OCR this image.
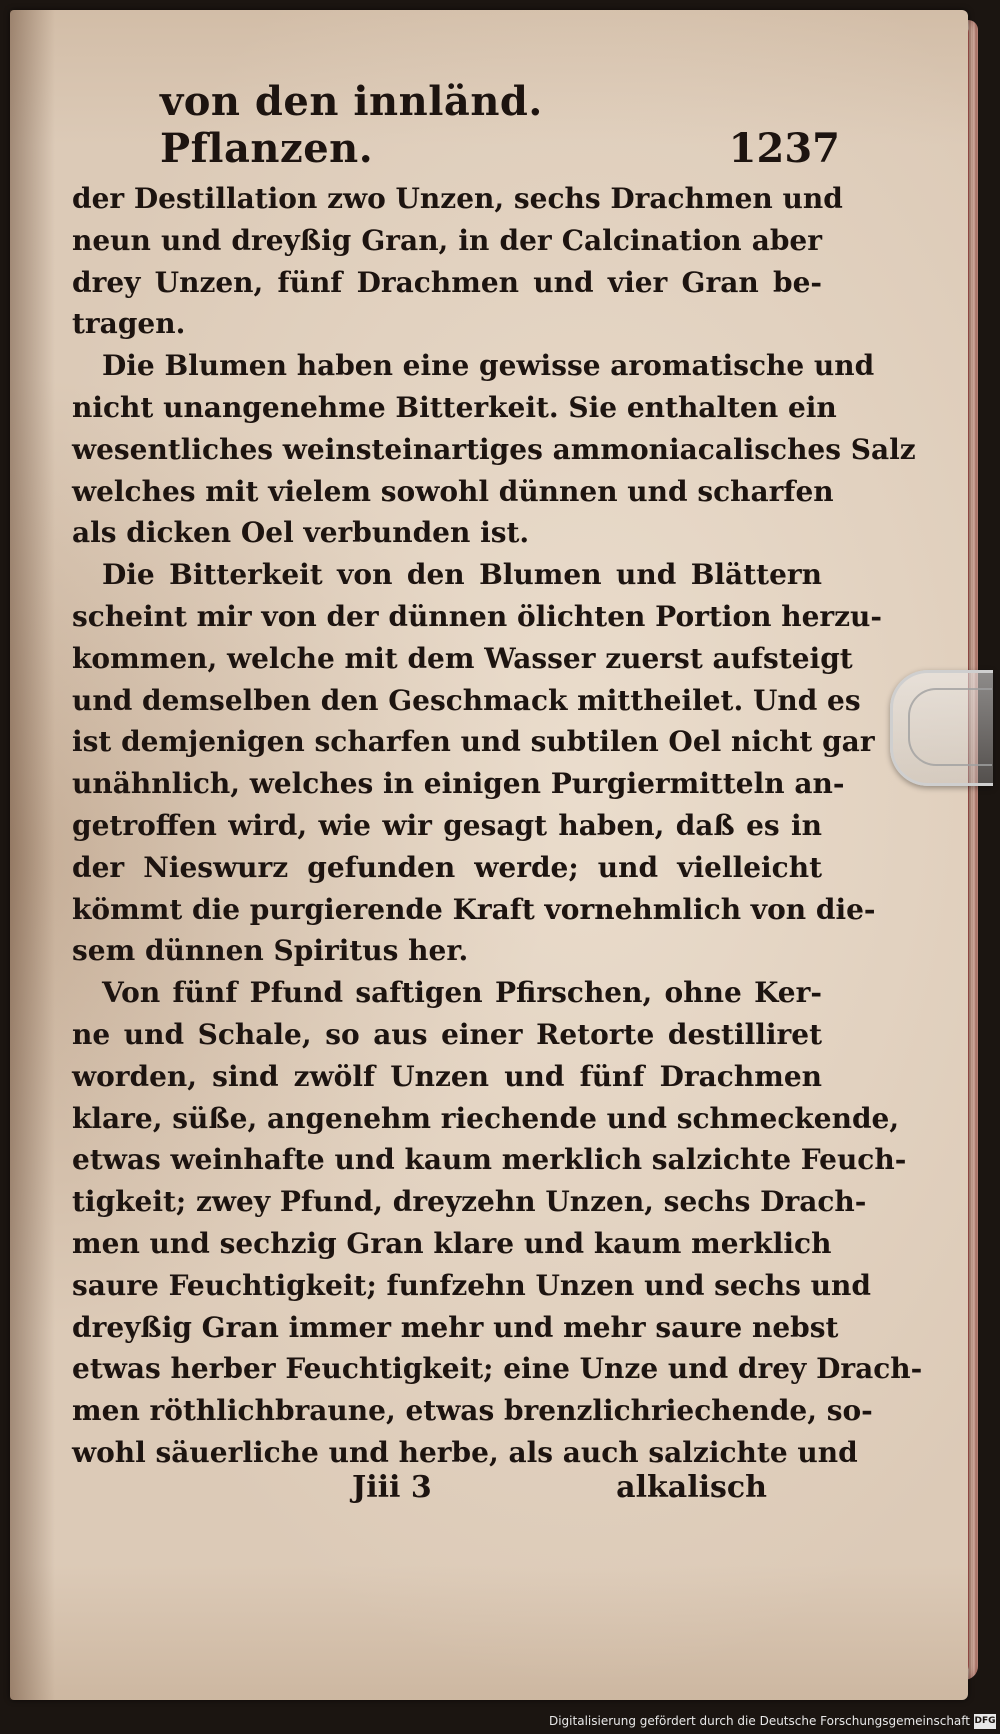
von den innländ. Pflanzen.	1237
der Destillation zwo Unzen, sechs Drachmen und
neun und dreyßig Gran, in der Calcination aber
drey Unzen, fünf Drachmen und vier Gran be-
tragen.
Die Blumen haben eine gewisse aromatische und
nicht unangenehme Bitterkeit. Sie enthalten ein
wesentliches weinsteinartiges ammoniacalisches Salz
welches mit vielem sowohl dünnen und scharfen
als dicken Oel verbunden ist.
Die Bitterkeit von den Blumen und Blättern
scheint mir von der dünnen ölichten Portion herzu-
kommen, welche mit dem Wasser zuerst aufsteigt
und demselben den Geschmack mittheilet. Und es
ist demjenigen scharfen und subtilen Oel nicht gar
unähnlich, welches in einigen Purgiermitteln an-
getroffen wird, wie wir gesagt haben, daß es in
der Nieswurz gefunden werde; und vielleicht
kömmt die purgierende Kraft vornehmlich von die-
sem dünnen Spiritus her.
Von fünf Pfund saftigen Pfirschen, ohne Ker-
ne und Schale, so aus einer Retorte destilliret
worden, sind zwölf Unzen und fünf Drachmen
klare, süße, angenehm riechende und schmeckende,
etwas weinhafte und kaum merklich salzichte Feuch-
tigkeit; zwey Pfund, dreyzehn Unzen, sechs Drach-
men und sechzig Gran klare und kaum merklich
saure Feuchtigkeit; funfzehn Unzen und sechs und
dreyßig Gran immer mehr und mehr saure nebst
etwas herber Feuchtigkeit; eine Unze und drey Drach-
men röthlichbraune, etwas brenzlichriechende, so-
wohl säuerliche und herbe, als auch salzichte und
Jiii 3	alkalisch
Digitalisierung gefördert durch die Deutsche Forschungsgemeinschaft DFG
